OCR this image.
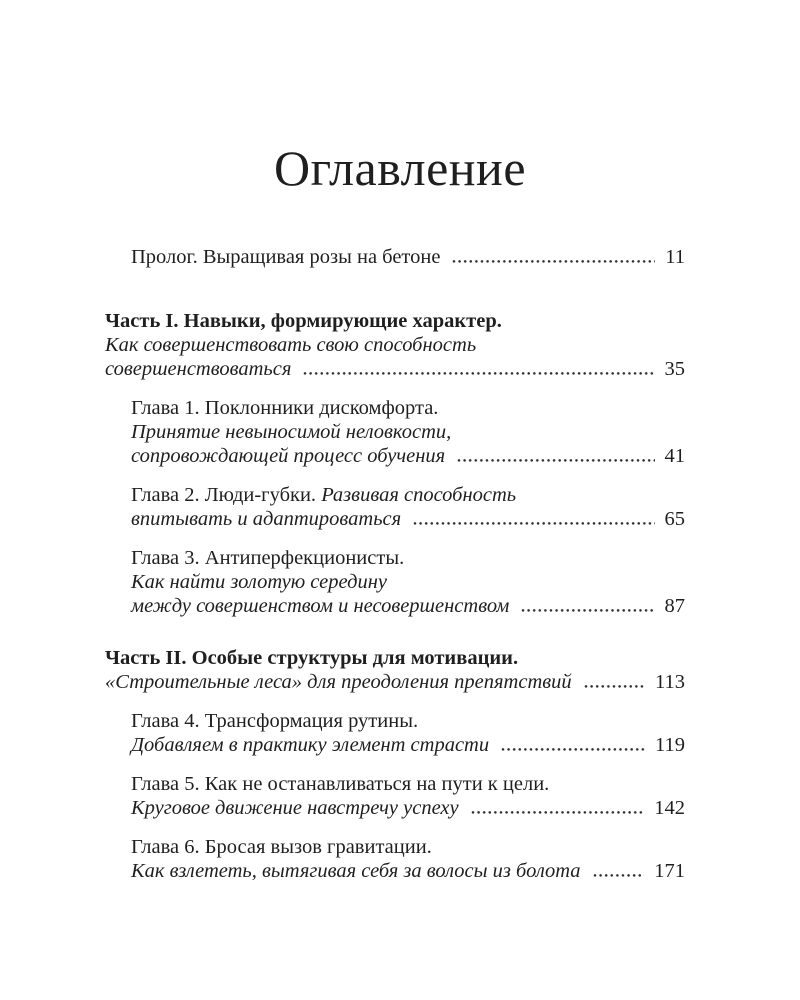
Оглавление
Пролог. Выращивая розы на бетоне	11
Часть I. Навыки, формирующие характер.
Как совершенствовать свою способность
совершенствоваться	35
Глава 1. Поклонники дискомфорта.
Принятие невыносимой неловкости,
сопровождающей процесс обучения	41
Глава 2. Люди-губки. Развивая способность
впитывать и адаптироваться	65
Глава 3. Антиперфекционисты.
Как найти золотую середину
между совершенством и несовершенством	87
Часть II. Особые структуры для мотивации.
«Строительные леса» для преодоления препятствий	113
Глава 4. Трансформация рутины.
Добавляем в практику элемент страсти	119
Глава 5. Как не останавливаться на пути к цели.
Круговое движение навстречу успеху	142
Глава 6. Бросая вызов гравитации.
Как взлететь, вытягивая себя за волосы из болота	171
